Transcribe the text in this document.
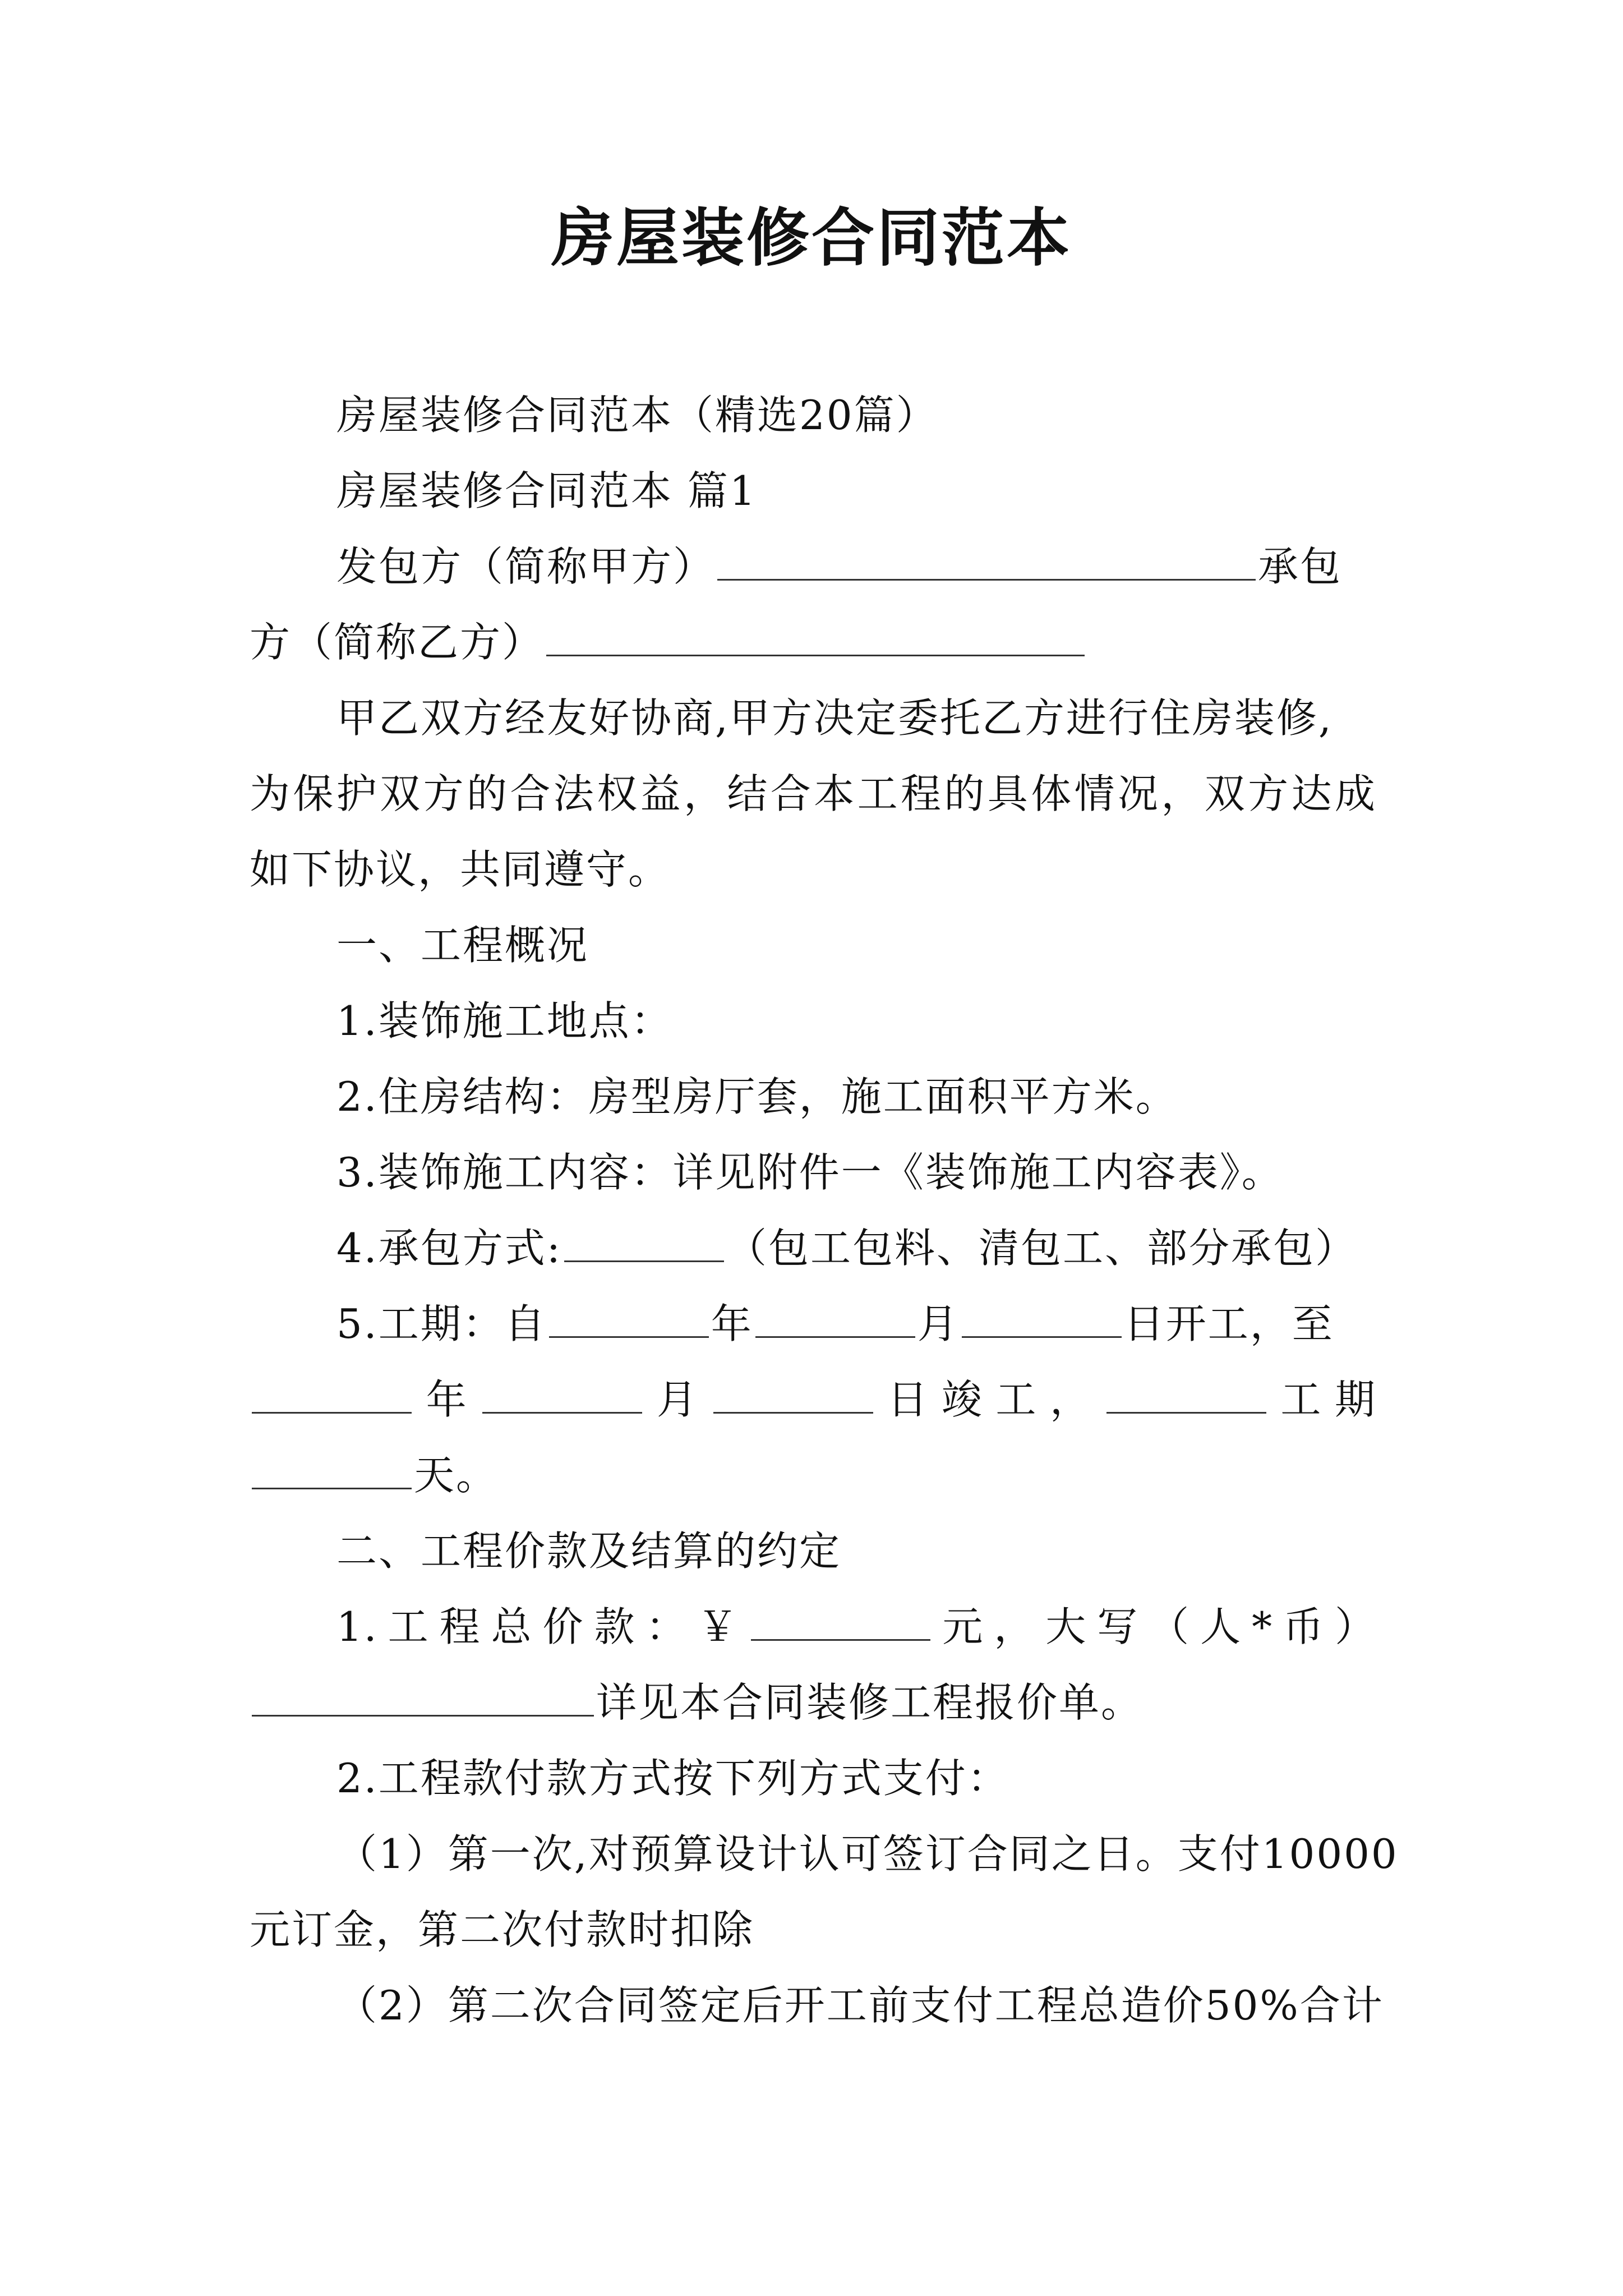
房屋装修合同范本
房屋装修合同范本（精选20篇）
房屋装修合同范本 篇1
发包方（简称甲方）	承包
方（简称乙方）
甲乙双方经友好协商,甲方决定委托乙方进行住房装修,
为保护双方的合法权益，结合本工程的具体情况，双方达成
如下协议，共同遵守。
一、工程概况
1.装饰施工地点：
2.住房结构：房型房厅套，施工面积平方米。
3.装饰施工内容：详见附件一《装饰施工内容表》。
4.承包方式:	（包工包料、清包工、部分承包）
5.工期：自	年	月	日开工，至
年	月	日竣工，	工期
天。
二、工程价款及结算的约定
1.工程总价款：￥	元，大写（人*币）
详见本合同装修工程报价单。
2.工程款付款方式按下列方式支付：
（1）第一次,对预算设计认可签订合同之日。支付10000
元订金，第二次付款时扣除
（2）第二次合同签定后开工前支付工程总造价50%合计
